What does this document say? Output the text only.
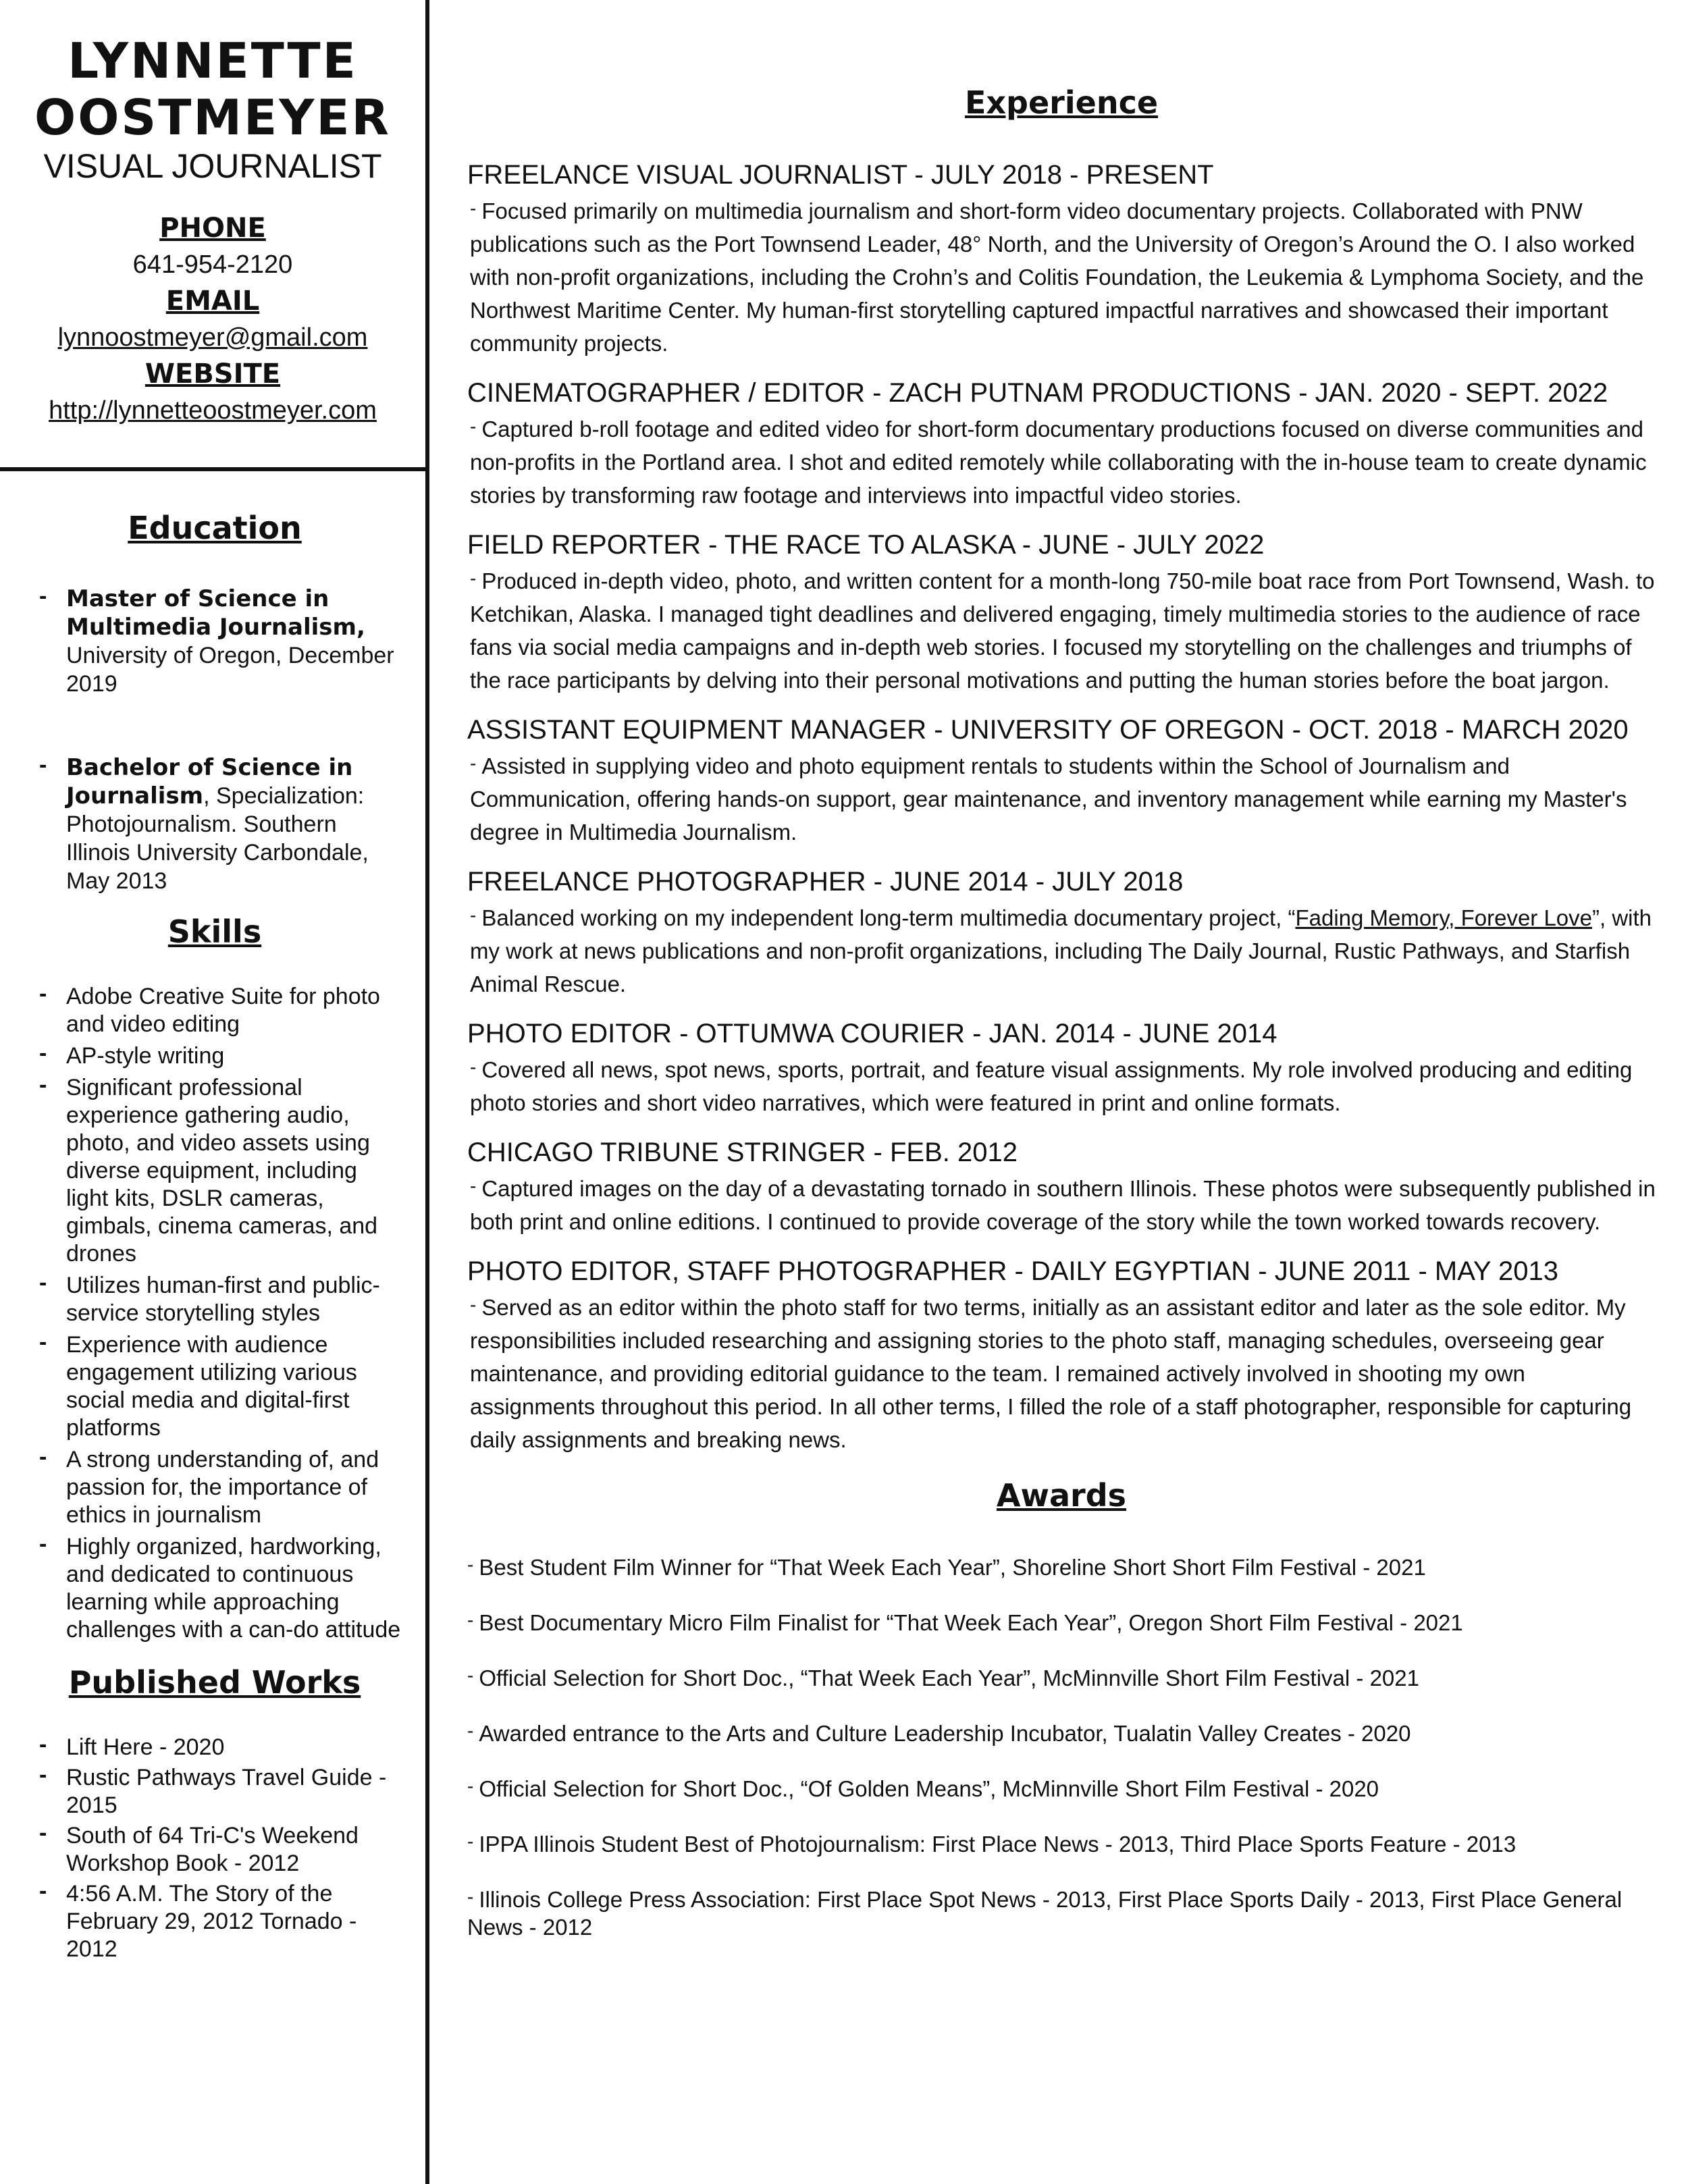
LYNNETTE
OOSTMEYER
VISUAL JOURNALIST
PHONE
641-954-2120
EMAIL
lynnoostmeyer@gmail.com
WEBSITE
http://lynnetteoostmeyer.com
Education
- Master of Science in Multimedia Journalism, University of Oregon, December 2019
- Bachelor of Science in Journalism, Specialization: Photojournalism. Southern Illinois University Carbondale, May 2013
Skills
- Adobe Creative Suite for photo and video editing
- AP-style writing
- Significant professional experience gathering audio, photo, and video assets using diverse equipment, including light kits, DSLR cameras, gimbals, cinema cameras, and drones
- Utilizes human-first and public-service storytelling styles
- Experience with audience engagement utilizing various social media and digital-first platforms
- A strong understanding of, and passion for, the importance of ethics in journalism
- Highly organized, hardworking, and dedicated to continuous learning while approaching challenges with a can-do attitude
Published Works
- Lift Here - 2020
- Rustic Pathways Travel Guide - 2015
- South of 64 Tri-C's Weekend Workshop Book - 2012
- 4:56 A.M. The Story of the February 29, 2012 Tornado - 2012
Experience
FREELANCE VISUAL JOURNALIST - JULY 2018 - PRESENT
- Focused primarily on multimedia journalism and short-form video documentary projects. Collaborated with PNW publications such as the Port Townsend Leader, 48° North, and the University of Oregon’s Around the O. I also worked with non-profit organizations, including the Crohn’s and Colitis Foundation, the Leukemia & Lymphoma Society, and the Northwest Maritime Center. My human-first storytelling captured impactful narratives and showcased their important community projects.
CINEMATOGRAPHER / EDITOR - ZACH PUTNAM PRODUCTIONS - JAN. 2020 - SEPT. 2022
- Captured b-roll footage and edited video for short-form documentary productions focused on diverse communities and non-profits in the Portland area. I shot and edited remotely while collaborating with the in-house team to create dynamic stories by transforming raw footage and interviews into impactful video stories.
FIELD REPORTER - THE RACE TO ALASKA - JUNE - JULY 2022
- Produced in-depth video, photo, and written content for a month-long 750-mile boat race from Port Townsend, Wash. to Ketchikan, Alaska. I managed tight deadlines and delivered engaging, timely multimedia stories to the audience of race fans via social media campaigns and in-depth web stories. I focused my storytelling on the challenges and triumphs of the race participants by delving into their personal motivations and putting the human stories before the boat jargon.
ASSISTANT EQUIPMENT MANAGER - UNIVERSITY OF OREGON - OCT. 2018 - MARCH 2020
- Assisted in supplying video and photo equipment rentals to students within the School of Journalism and Communication, offering hands-on support, gear maintenance, and inventory management while earning my Master's degree in Multimedia Journalism.
FREELANCE PHOTOGRAPHER - JUNE 2014 - JULY 2018
- Balanced working on my independent long-term multimedia documentary project, “Fading Memory, Forever Love”, with my work at news publications and non-profit organizations, including The Daily Journal, Rustic Pathways, and Starfish Animal Rescue.
PHOTO EDITOR - OTTUMWA COURIER - JAN. 2014 - JUNE 2014
- Covered all news, spot news, sports, portrait, and feature visual assignments. My role involved producing and editing photo stories and short video narratives, which were featured in print and online formats.
CHICAGO TRIBUNE STRINGER - FEB. 2012
- Captured images on the day of a devastating tornado in southern Illinois. These photos were subsequently published in both print and online editions. I continued to provide coverage of the story while the town worked towards recovery.
PHOTO EDITOR, STAFF PHOTOGRAPHER - DAILY EGYPTIAN - JUNE 2011 - MAY 2013
- Served as an editor within the photo staff for two terms, initially as an assistant editor and later as the sole editor. My responsibilities included researching and assigning stories to the photo staff, managing schedules, overseeing gear maintenance, and providing editorial guidance to the team. I remained actively involved in shooting my own assignments throughout this period. In all other terms, I filled the role of a staff photographer, responsible for capturing daily assignments and breaking news.
Awards
- Best Student Film Winner for “That Week Each Year”, Shoreline Short Short Film Festival - 2021
- Best Documentary Micro Film Finalist for “That Week Each Year”, Oregon Short Film Festival - 2021
- Official Selection for Short Doc., “That Week Each Year”, McMinnville Short Film Festival - 2021
- Awarded entrance to the Arts and Culture Leadership Incubator, Tualatin Valley Creates - 2020
- Official Selection for Short Doc., “Of Golden Means”, McMinnville Short Film Festival - 2020
- IPPA Illinois Student Best of Photojournalism: First Place News - 2013, Third Place Sports Feature - 2013
- Illinois College Press Association: First Place Spot News - 2013, First Place Sports Daily - 2013, First Place General News - 2012
